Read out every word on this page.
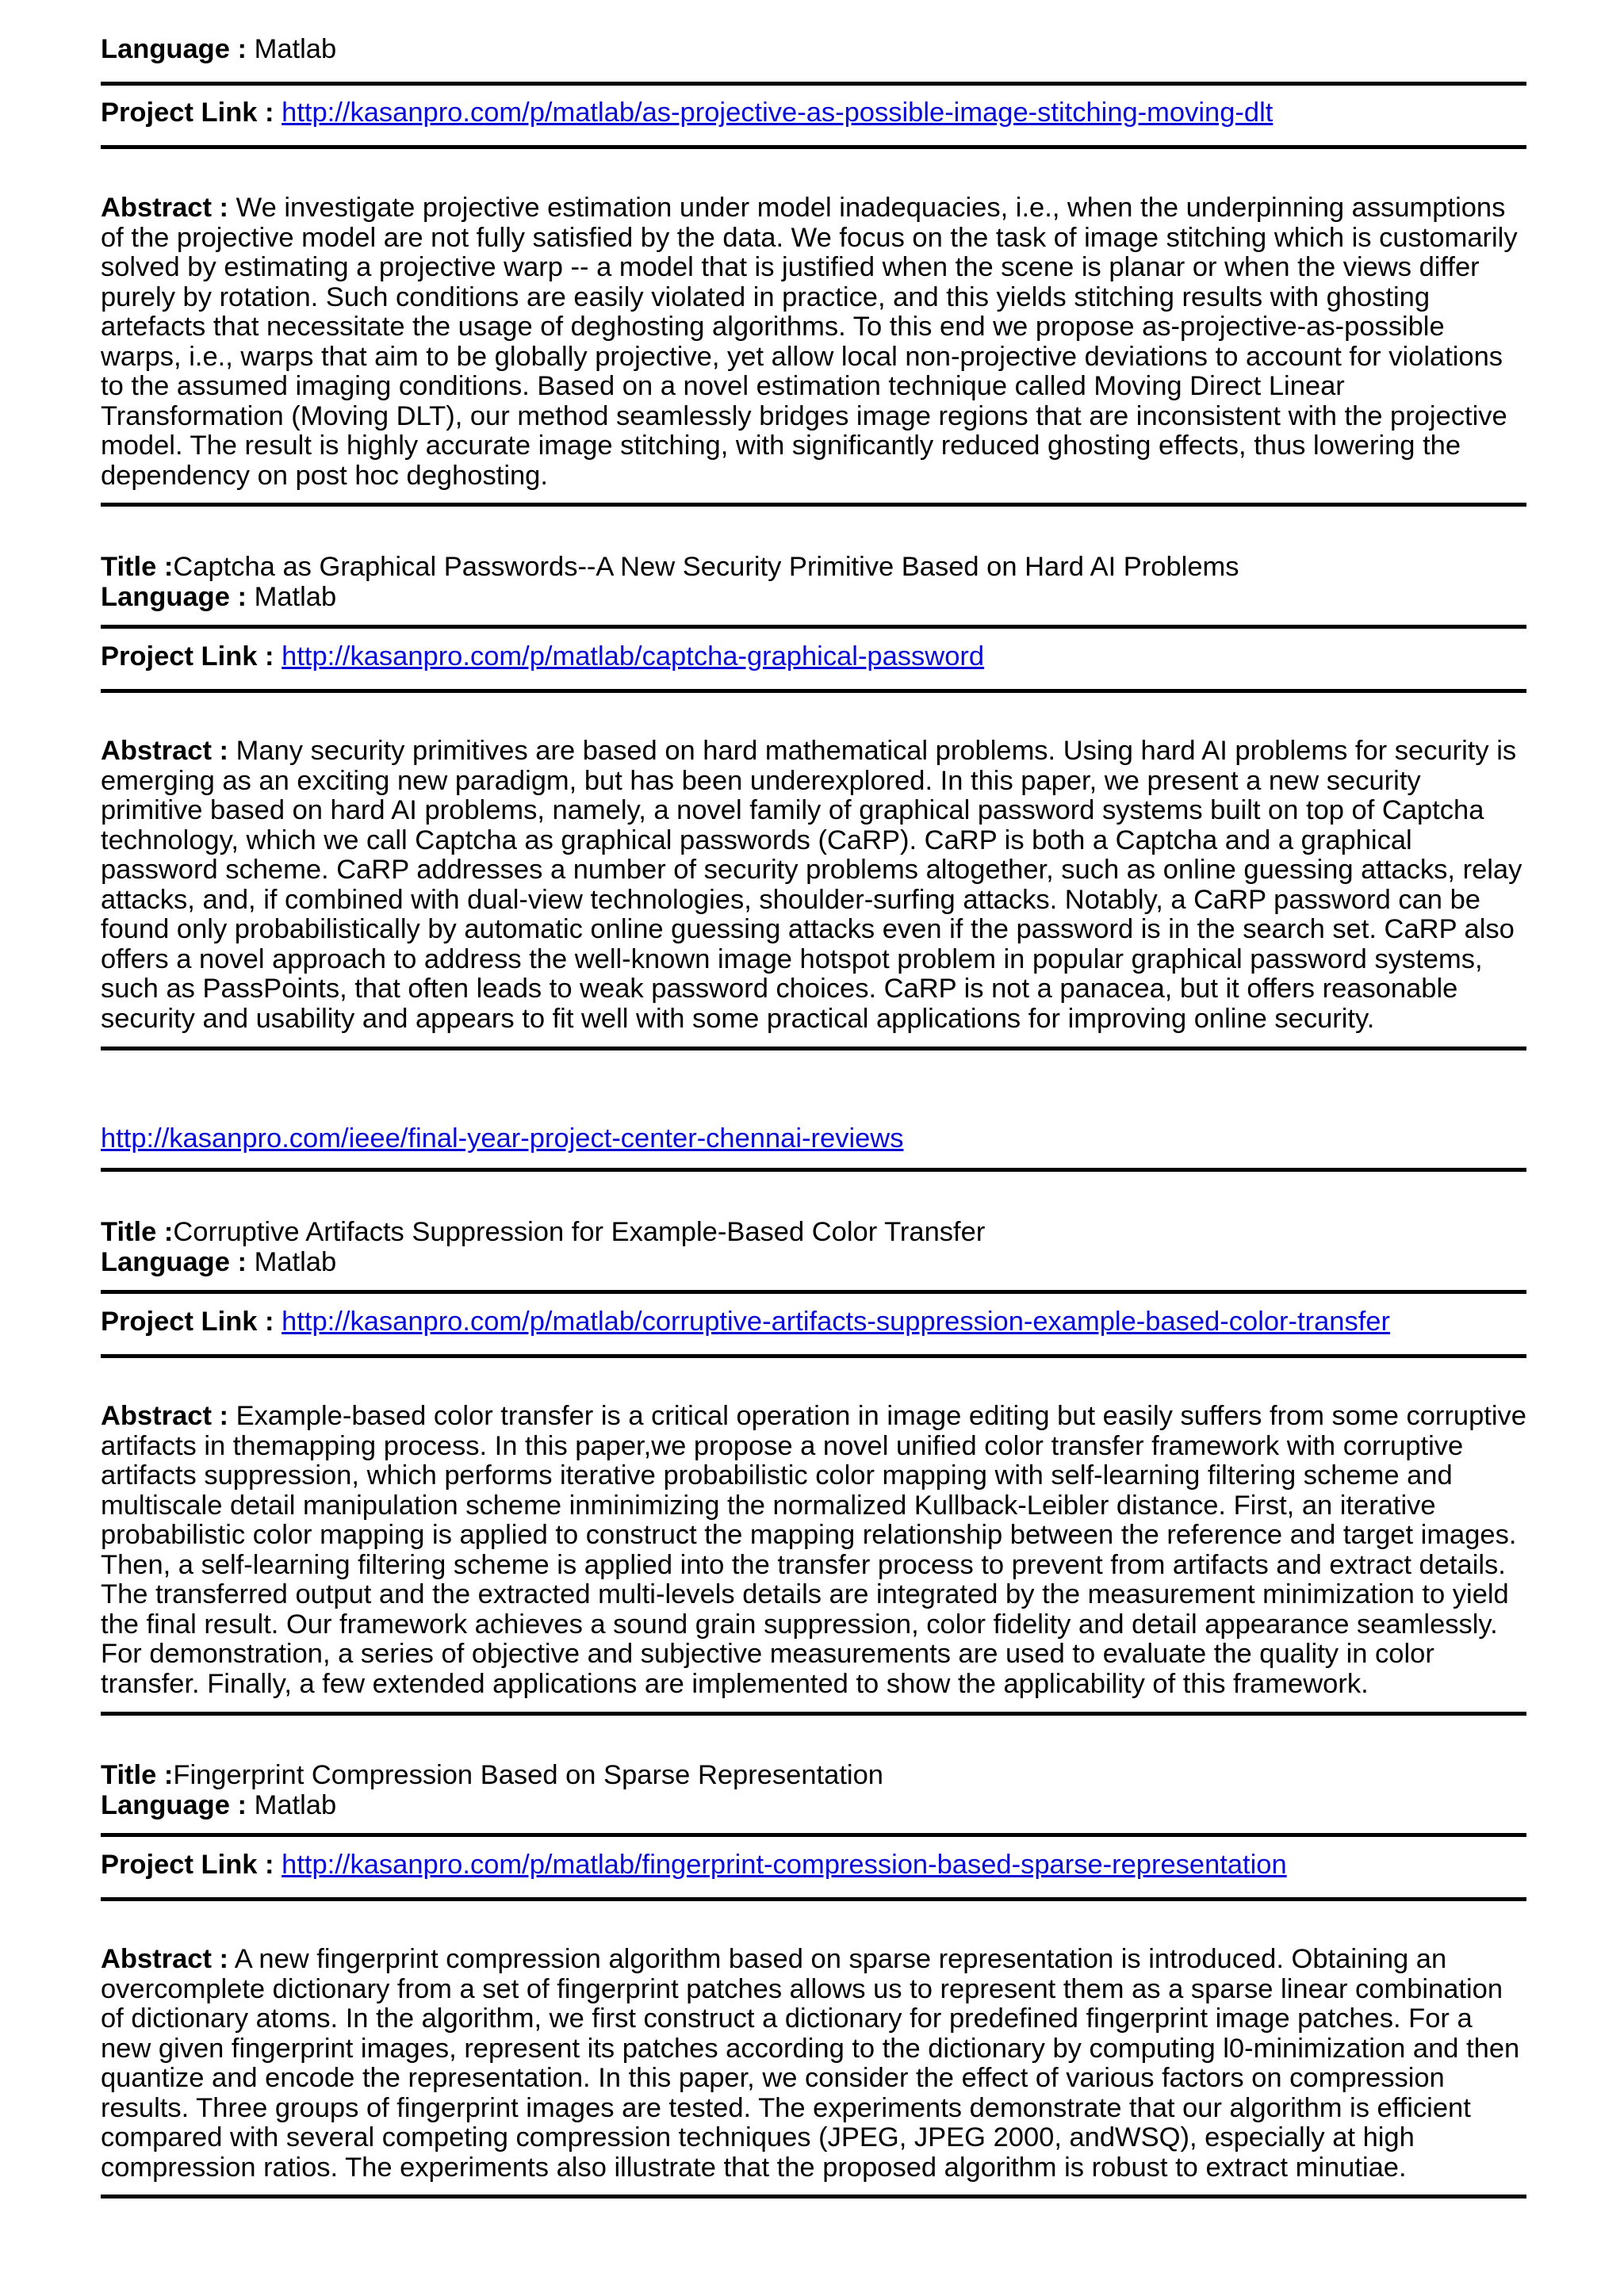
Language : Matlab
Project Link : http://kasanpro.com/p/matlab/as-projective-as-possible-image-stitching-moving-dlt
Abstract : We investigate projective estimation under model inadequacies, i.e., when the underpinning assumptions
of the projective model are not fully satisfied by the data. We focus on the task of image stitching which is customarily
solved by estimating a projective warp -- a model that is justified when the scene is planar or when the views differ
purely by rotation. Such conditions are easily violated in practice, and this yields stitching results with ghosting
artefacts that necessitate the usage of deghosting algorithms. To this end we propose as-projective-as-possible
warps, i.e., warps that aim to be globally projective, yet allow local non-projective deviations to account for violations
to the assumed imaging conditions. Based on a novel estimation technique called Moving Direct Linear
Transformation (Moving DLT), our method seamlessly bridges image regions that are inconsistent with the projective
model. The result is highly accurate image stitching, with significantly reduced ghosting effects, thus lowering the
dependency on post hoc deghosting.
Title :Captcha as Graphical Passwords--A New Security Primitive Based on Hard AI Problems
Language : Matlab
Project Link : http://kasanpro.com/p/matlab/captcha-graphical-password
Abstract : Many security primitives are based on hard mathematical problems. Using hard AI problems for security is
emerging as an exciting new paradigm, but has been underexplored. In this paper, we present a new security
primitive based on hard AI problems, namely, a novel family of graphical password systems built on top of Captcha
technology, which we call Captcha as graphical passwords (CaRP). CaRP is both a Captcha and a graphical
password scheme. CaRP addresses a number of security problems altogether, such as online guessing attacks, relay
attacks, and, if combined with dual-view technologies, shoulder-surfing attacks. Notably, a CaRP password can be
found only probabilistically by automatic online guessing attacks even if the password is in the search set. CaRP also
offers a novel approach to address the well-known image hotspot problem in popular graphical password systems,
such as PassPoints, that often leads to weak password choices. CaRP is not a panacea, but it offers reasonable
security and usability and appears to fit well with some practical applications for improving online security.
http://kasanpro.com/ieee/final-year-project-center-chennai-reviews
Title :Corruptive Artifacts Suppression for Example-Based Color Transfer
Language : Matlab
Project Link : http://kasanpro.com/p/matlab/corruptive-artifacts-suppression-example-based-color-transfer
Abstract : Example-based color transfer is a critical operation in image editing but easily suffers from some corruptive
artifacts in themapping process. In this paper,we propose a novel unified color transfer framework with corruptive
artifacts suppression, which performs iterative probabilistic color mapping with self-learning filtering scheme and
multiscale detail manipulation scheme inminimizing the normalized Kullback-Leibler distance. First, an iterative
probabilistic color mapping is applied to construct the mapping relationship between the reference and target images.
Then, a self-learning filtering scheme is applied into the transfer process to prevent from artifacts and extract details.
The transferred output and the extracted multi-levels details are integrated by the measurement minimization to yield
the final result. Our framework achieves a sound grain suppression, color fidelity and detail appearance seamlessly.
For demonstration, a series of objective and subjective measurements are used to evaluate the quality in color
transfer. Finally, a few extended applications are implemented to show the applicability of this framework.
Title :Fingerprint Compression Based on Sparse Representation
Language : Matlab
Project Link : http://kasanpro.com/p/matlab/fingerprint-compression-based-sparse-representation
Abstract : A new fingerprint compression algorithm based on sparse representation is introduced. Obtaining an
overcomplete dictionary from a set of fingerprint patches allows us to represent them as a sparse linear combination
of dictionary atoms. In the algorithm, we first construct a dictionary for predefined fingerprint image patches. For a
new given fingerprint images, represent its patches according to the dictionary by computing l0-minimization and then
quantize and encode the representation. In this paper, we consider the effect of various factors on compression
results. Three groups of fingerprint images are tested. The experiments demonstrate that our algorithm is efficient
compared with several competing compression techniques (JPEG, JPEG 2000, andWSQ), especially at high
compression ratios. The experiments also illustrate that the proposed algorithm is robust to extract minutiae.
